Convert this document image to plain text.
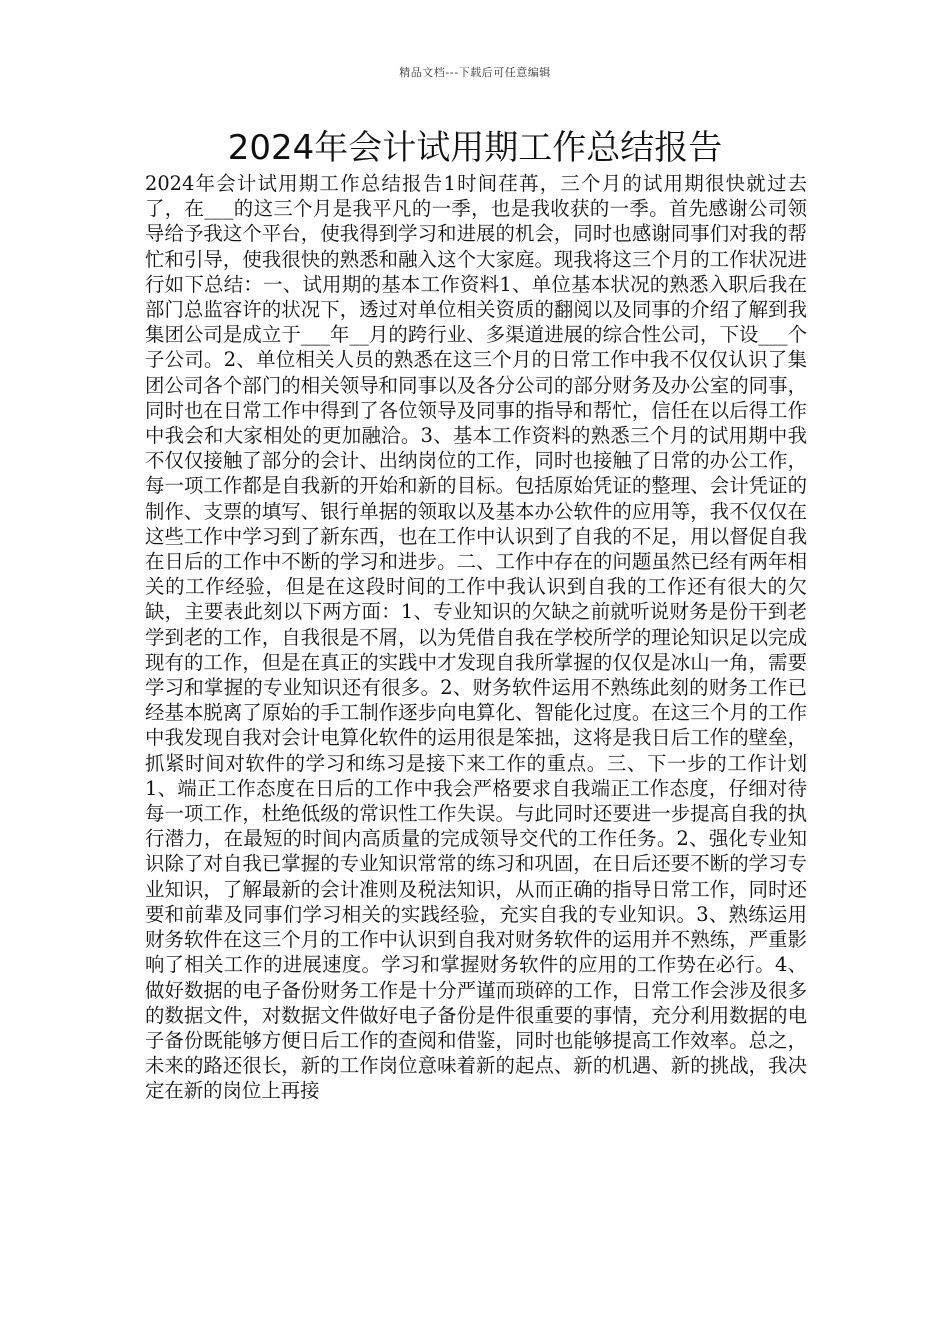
精品文档---下载后可任意编辑
2024年会计试用期工作总结报告

2024年会计试用期工作总结报告1时间荏苒，三个月的试用期很快就过去了，在___的这三个月是我平凡的一季，也是我收获的一季。首先感谢公司领导给予我这个平台，使我得到学习和进展的机会，同时也感谢同事们对我的帮忙和引导，使我很快的熟悉和融入这个大家庭。现我将这三个月的工作状况进行如下总结：一、试用期的基本工作资料1、单位基本状况的熟悉入职后我在部门总监容许的状况下，透过对单位相关资质的翻阅以及同事的介绍了解到我集团公司是成立于___年__月的跨行业、多渠道进展的综合性公司，下设___个子公司。2、单位相关人员的熟悉在这三个月的日常工作中我不仅仅认识了集团公司各个部门的相关领导和同事以及各分公司的部分财务及办公室的同事，同时也在日常工作中得到了各位领导及同事的指导和帮忙，信任在以后得工作中我会和大家相处的更加融洽。3、基本工作资料的熟悉三个月的试用期中我不仅仅接触了部分的会计、出纳岗位的工作，同时也接触了日常的办公工作，每一项工作都是自我新的开始和新的目标。包括原始凭证的整理、会计凭证的制作、支票的填写、银行单据的领取以及基本办公软件的应用等，我不仅仅在这些工作中学习到了新东西，也在工作中认识到了自我的不足，用以督促自我在日后的工作中不断的学习和进步。二、工作中存在的问题虽然已经有两年相关的工作经验，但是在这段时间的工作中我认识到自我的工作还有很大的欠缺，主要表此刻以下两方面：1、专业知识的欠缺之前就听说财务是份干到老学到老的工作，自我很是不屑，以为凭借自我在学校所学的理论知识足以完成现有的工作，但是在真正的实践中才发现自我所掌握的仅仅是冰山一角，需要学习和掌握的专业知识还有很多。2、财务软件运用不熟练此刻的财务工作已经基本脱离了原始的手工制作逐步向电算化、智能化过度。在这三个月的工作中我发现自我对会计电算化软件的运用很是笨拙，这将是我日后工作的壁垒，抓紧时间对软件的学习和练习是接下来工作的重点。三、下一步的工作计划1、端正工作态度在日后的工作中我会严格要求自我端正工作态度，仔细对待每一项工作，杜绝低级的常识性工作失误。与此同时还要进一步提高自我的执行潜力，在最短的时间内高质量的完成领导交代的工作任务。2、强化专业知识除了对自我已掌握的专业知识常常的练习和巩固，在日后还要不断的学习专业知识，了解最新的会计准则及税法知识，从而正确的指导日常工作，同时还要和前辈及同事们学习相关的实践经验，充实自我的专业知识。3、熟练运用财务软件在这三个月的工作中认识到自我对财务软件的运用并不熟练，严重影响了相关工作的进展速度。学习和掌握财务软件的应用的工作势在必行。4、做好数据的电子备份财务工作是十分严谨而琐碎的工作，日常工作会涉及很多的数据文件，对数据文件做好电子备份是件很重要的事情，充分利用数据的电子备份既能够方便日后工作的查阅和借鉴，同时也能够提高工作效率。总之，未来的路还很长，新的工作岗位意味着新的起点、新的机遇、新的挑战，我决定在新的岗位上再接
